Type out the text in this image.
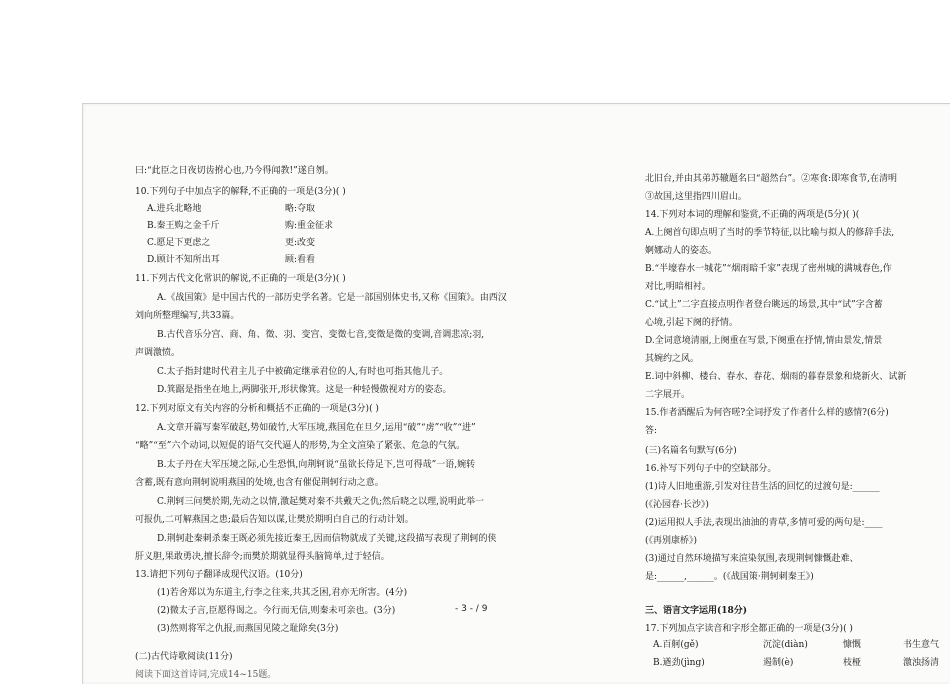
曰:“此臣之日夜切齿拊心也,乃今得闻教!”遂自刎。
10.下列句子中加点字的解释,不正确的一项是(3分)( )
A.进兵北略地	略:夺取
B.秦王购之金千斤	购:重金征求
C.愿足下更虑之	更:改变
D.顾计不知所出耳	顾:看看
11.下列古代文化常识的解说,不正确的一项是(3分)( )
A.《战国策》是中国古代的一部历史学名著。它是一部国别体史书,又称《国策》。由西汉
刘向所整理编写,共33篇。
B.古代音乐分宫、商、角、徵、羽、变宫、变徵七音,变徵是徵的变调,音调悲凉;羽,
声调激愤。
C.太子指封建时代君主儿子中被确定继承君位的人,有时也可指其他儿子。
D.箕踞是指坐在地上,两脚张开,形状像箕。这是一种轻慢傲视对方的姿态。
12.下列对原文有关内容的分析和概括不正确的一项是(3分)( )
A.文章开篇写秦军破赵,势如破竹,大军压境,燕国危在旦夕,运用“破”“虏”“收”“进”
“略”“至”六个动词,以短促的语气交代逼人的形势,为全文渲染了紧张、危急的气氛。
B.太子丹在大军压境之际,心生恐惧,向荆轲说“虽欲长侍足下,岂可得哉”一语,婉转
含蓄,既有意向荆轲说明燕国的处境,也含有催促荆轲行动之意。
C.荆轲三问樊於期,先动之以情,激起樊对秦不共戴天之仇;然后晓之以理,说明此举一
可报仇,二可解燕国之患;最后告知以谋,让樊於期明白自己的行动计划。
D.荆轲赴秦刺杀秦王既必须先接近秦王,因而信物就成了关键,这段描写表现了荆轲的侠
肝义胆,果敢勇决,擅长辞令;而樊於期就显得头脑简单,过于轻信。
13.请把下列句子翻译成现代汉语。(10分)
(1)若舍郑以为东道主,行李之往来,共其乏困,君亦无所害。(4分)
(2)微太子言,臣愿得谒之。今行而无信,则秦未可亲也。(3分)
(3)然则将军之仇报,而燕国见陵之耻除矣(3分)
(二)古代诗歌阅读(11分)
阅读下面这首诗词,完成14~15题。
北旧台,并由其弟苏辙题名曰“超然台”。②寒食:即寒食节,在清明
③故国,这里指四川眉山。
14.下列对本词的理解和鉴赏,不正确的两项是(5分)( )(
A.上阕首句即点明了当时的季节特征,以比喻与拟人的修辞手法,
婀娜动人的姿态。
B.“半壕春水一城花”“烟雨暗千家”表现了密州城的满城春色,作
对比,明暗相衬。
C.“试上”二字直接点明作者登台眺远的场景,其中“试”字含蓄
心境,引起下阕的抒情。
D.全词意境清丽,上阕重在写景,下阕重在抒情,情由景发,情景
其婉约之风。
E.词中斜柳、楼台、春水、春花、烟雨的暮春景象和烧新火、试新
二字展开。
15.作者酒醒后为何咨嗟?全词抒发了作者什么样的感情?(6分)
答:
(三)名篇名句默写(6分)
16.补写下列句子中的空缺部分。
(1)诗人旧地重游,引发对往昔生活的回忆的过渡句是:______
(《沁园春·长沙》)
(2)运用拟人手法,表现出油油的青草,多情可爱的两句是:____
(《再别康桥》)
(3)通过自然环境描写来渲染氛围,表现荆轲慷慨赴难、
是:______,______。(《战国策·荆轲刺秦王》)
三、语言文字运用(18分)
17.下列加点字读音和字形全都正确的一项是(3分)( )
A.百舸(gě)	沉淀(diàn)	慷慨	书生意气
B.遒劲(jìng)	遏制(è)	枝桠	激浊扬清
- 3 - / 9
